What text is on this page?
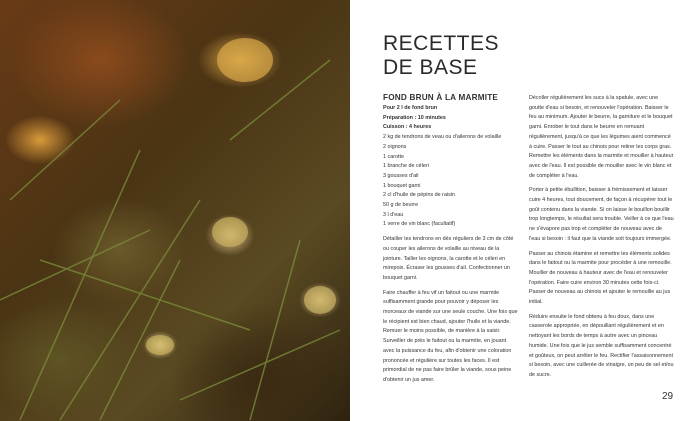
RECETTES
DE BASE
FOND BRUN À LA MARMITE
Pour 2 l de fond brun
Préparation : 10 minutes
Cuisson : 4 heures
2 kg de tendrons de veau ou d'ailerons de volaille
2 oignons
1 carotte
1 branche de céleri
3 gousses d'ail
1 bouquet garni
2 cl d'huile de pépins de raisin
50 g de beurre
3 l d'eau
1 verre de vin blanc (facultatif)

Détailler les tendrons en dés réguliers de 3 cm de côté ou couper les ailerons de volaille au niveau de la jointure. Tailler les oignons, la carotte et le céleri en mirepoix. Écraser les gousses d'ail. Confectionner un bouquet garni.

Faire chauffer à feu vif un faitout ou une marmite suffisamment grande pour pouvoir y déposer les morceaux de viande sur une seule couche. Une fois que le récipient est bien chaud, ajouter l'huile et la viande. Remuer le moins possible, de manière à la saisir. Surveiller de près le faitout ou la marmite, en jouant avec la puissance du feu, afin d'obtenir une coloration prononcée et régulière sur toutes les faces. Il est primordial de ne pas faire brûler la viande, sous peine d'obtenir un jus amer.

Décoller régulièrement les sucs à la spatule, avec une goutte d'eau si besoin, et renouveler l'opération. Baisser le feu au minimum. Ajouter le beurre, la garniture et le bouquet garni. Enrober le tout dans le beurre en remuant régulièrement, jusqu'à ce que les légumes aient commencé à cuire. Passer le tout au chinois pour retirer les corps gras. Remettre les éléments dans la marmite et mouiller à hauteur avec de l'eau. Il est possible de mouiller avec le vin blanc et de compléter à l'eau.

Porter à petite ébullition, baisser à frémissement et laisser cuire 4 heures, tout doucement, de façon à récupérer tout le goût contenu dans la viande. Si on laisse le bouillon bouillir trop longtemps, le résultat sera trouble. Veiller à ce que l'eau ne s'évapore pas trop et compléter de nouveau avec de l'eau si besoin : il faut que la viande soit toujours immergée.

Passer au chinois étamine et remettre les éléments solides dans le faitout ou la marmite pour procéder à une remouille. Mouiller de nouveau à hauteur avec de l'eau et renouveler l'opération. Faire cuire environ 30 minutes cette fois-ci. Passer de nouveau au chinois et ajouter le remouille au jus initial.

Réduire ensuite le fond obtenu à feu doux, dans une casserole appropriée, en dépouillant régulièrement et en nettoyant les bords de temps à autre avec un pinceau humide. Une fois que le jus semble suffisamment concentré et goûteux, on peut arrêter le feu. Rectifier l'assaisonnement si besoin, avec une cuillerée de vinaigre, un peu de sel et/ou de sucre.

29
